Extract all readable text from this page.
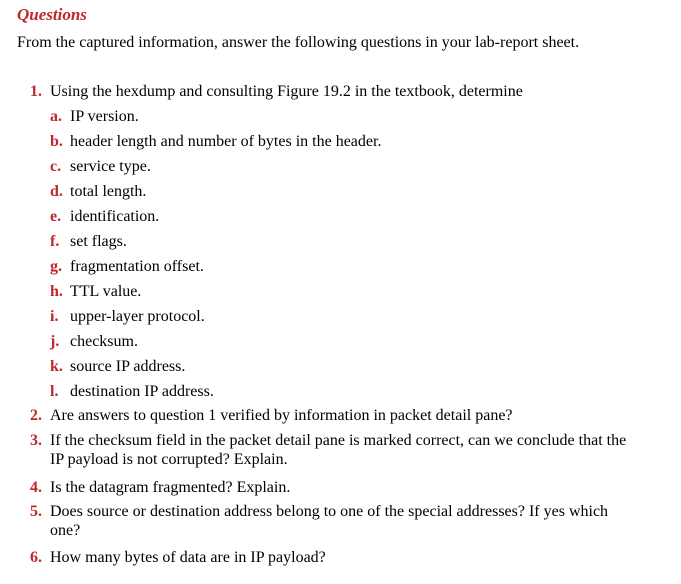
Questions
From the captured information, answer the following questions in your lab-report sheet.
1. Using the hexdump and consulting Figure 19.2 in the textbook, determine
a. IP version.
b. header length and number of bytes in the header.
c. service type.
d. total length.
e. identification.
f. set flags.
g. fragmentation offset.
h. TTL value.
i. upper-layer protocol.
j. checksum.
k. source IP address.
l. destination IP address.
2. Are answers to question 1 verified by information in packet detail pane?
3. If the checksum field in the packet detail pane is marked correct, can we conclude that the IP payload is not corrupted? Explain.
4. Is the datagram fragmented? Explain.
5. Does source or destination address belong to one of the special addresses? If yes which one?
6. How many bytes of data are in IP payload?
